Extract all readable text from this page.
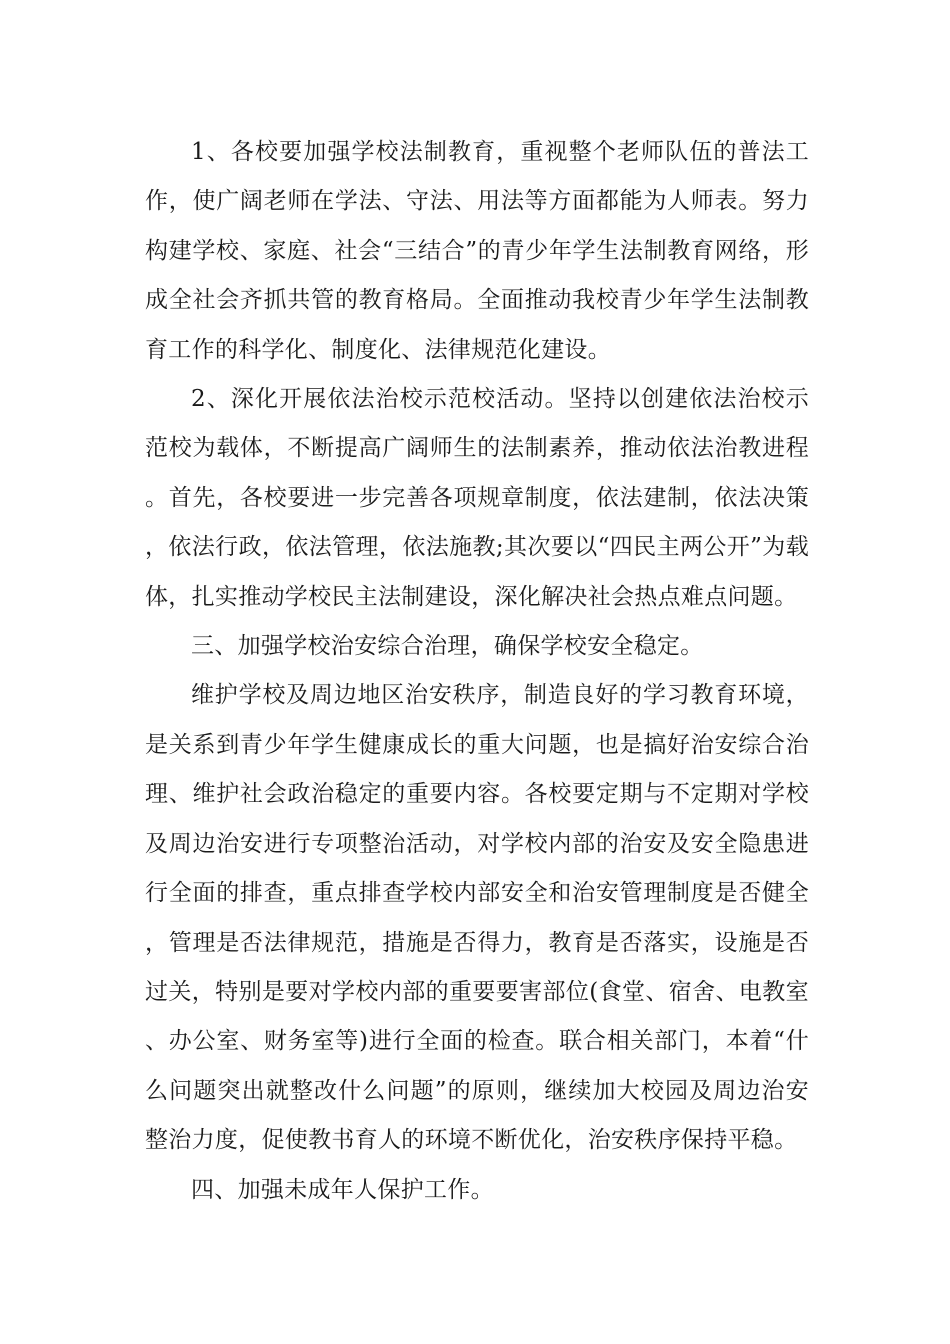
1、各校要加强学校法制教育，重视整个老师队伍的普法工作，使广阔老师在学法、守法、用法等方面都能为人师表。努力构建学校、家庭、社会“三结合”的青少年学生法制教育网络，形成全社会齐抓共管的教育格局。全面推动我校青少年学生法制教育工作的科学化、制度化、法律规范化建设。

2、深化开展依法治校示范校活动。坚持以创建依法治校示范校为载体，不断提高广阔师生的法制素养，推动依法治教进程。首先，各校要进一步完善各项规章制度，依法建制，依法决策，依法行政，依法管理，依法施教;其次要以“四民主两公开”为载体，扎实推动学校民主法制建设，深化解决社会热点难点问题。

三、加强学校治安综合治理，确保学校安全稳定。

维护学校及周边地区治安秩序，制造良好的学习教育环境，是关系到青少年学生健康成长的重大问题，也是搞好治安综合治理、维护社会政治稳定的重要内容。各校要定期与不定期对学校及周边治安进行专项整治活动，对学校内部的治安及安全隐患进行全面的排查，重点排查学校内部安全和治安管理制度是否健全，管理是否法律规范，措施是否得力，教育是否落实，设施是否过关，特别是要对学校内部的重要要害部位(食堂、宿舍、电教室、办公室、财务室等)进行全面的检查。联合相关部门，本着“什么问题突出就整改什么问题”的原则，继续加大校园及周边治安整治力度，促使教书育人的环境不断优化，治安秩序保持平稳。

四、加强未成年人保护工作。
